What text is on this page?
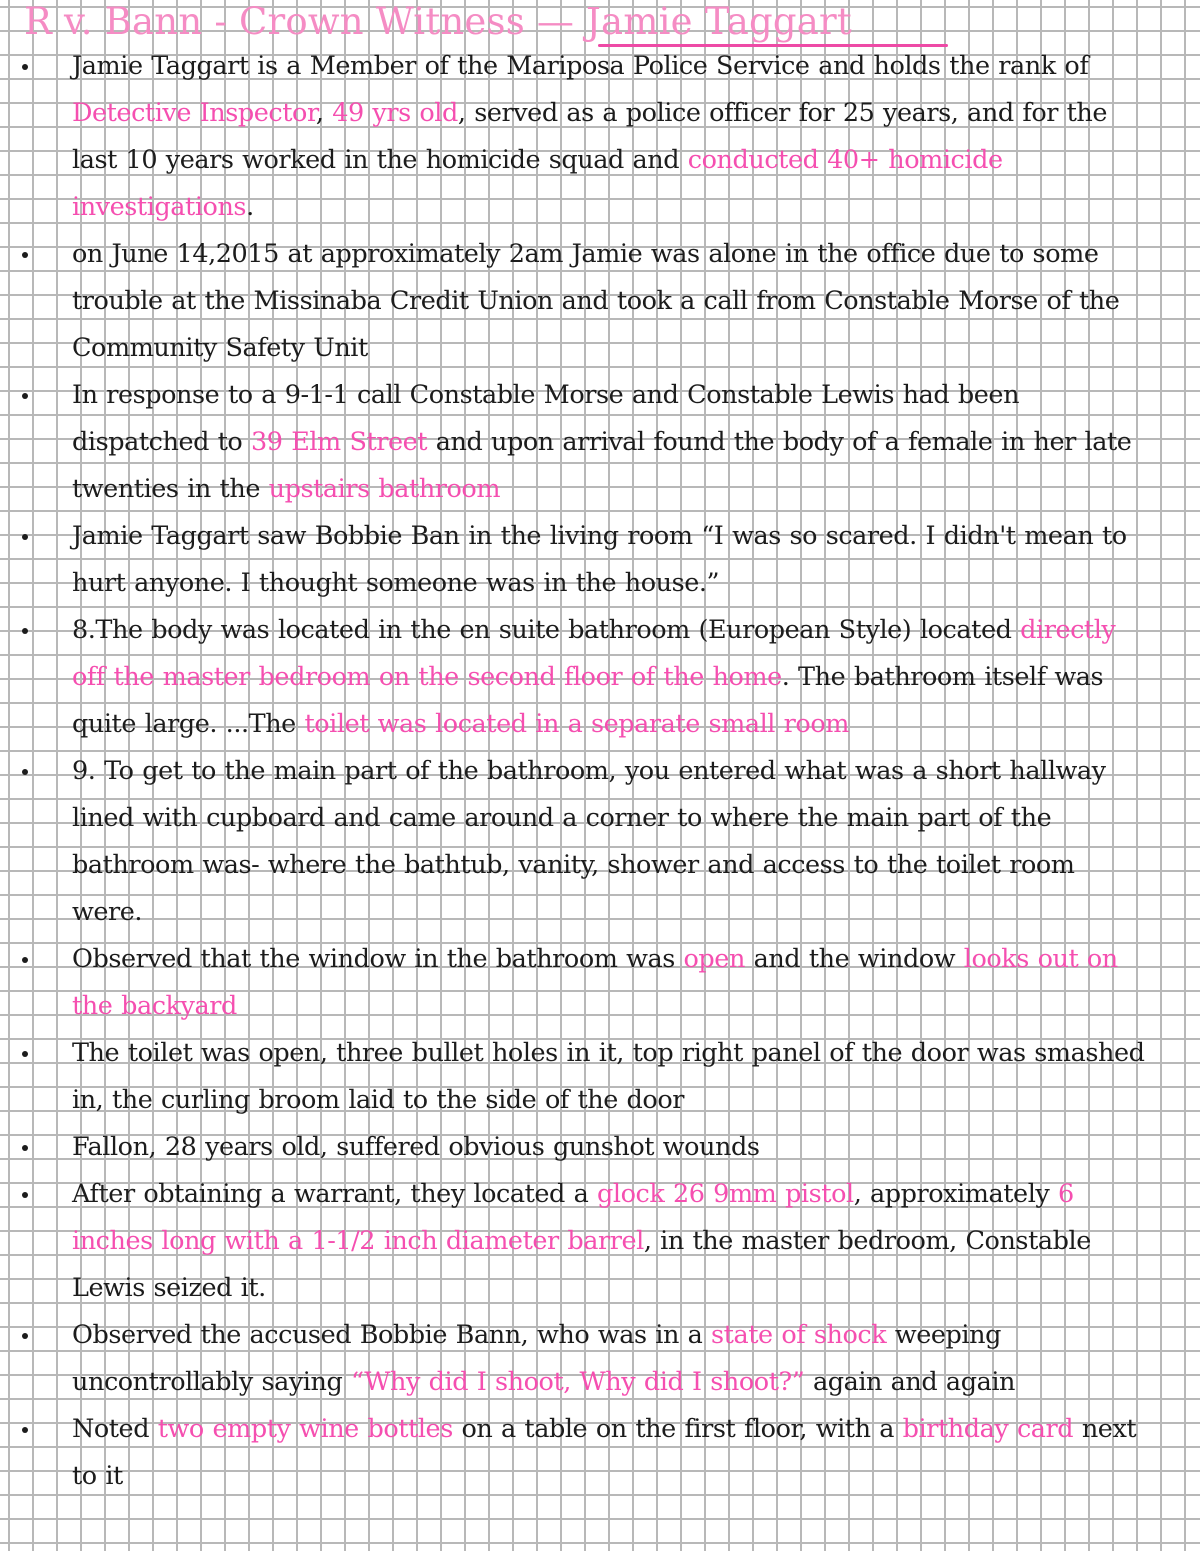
R v. Bann - Crown Witness — Jamie Taggart
Jamie Taggart is a Member of the Mariposa Police Service and holds the rank of Detective Inspector, 49 yrs old, served as a police officer for 25 years, and for the last 10 years worked in the homicide squad and conducted 40+ homicide investigations.
on June 14,2015 at approximately 2am Jamie was alone in the office due to some trouble at the Missinaba Credit Union and took a call from Constable Morse of the Community Safety Unit
In response to a 9-1-1 call Constable Morse and Constable Lewis had been dispatched to 39 Elm Street and upon arrival found the body of a female in her late twenties in the upstairs bathroom
Jamie Taggart saw Bobbie Ban in the living room “I was so scared. I didn't mean to hurt anyone. I thought someone was in the house.”
8.The body was located in the en suite bathroom (European Style) located directly off the master bedroom on the second floor of the home. The bathroom itself was quite large. ...The toilet was located in a separate small room
9. To get to the main part of the bathroom, you entered what was a short hallway lined with cupboard and came around a corner to where the main part of the bathroom was- where the bathtub, vanity, shower and access to the toilet room were.
Observed that the window in the bathroom was open and the window looks out on the backyard
The toilet was open, three bullet holes in it, top right panel of the door was smashed in, the curling broom laid to the side of the door
Fallon, 28 years old, suffered obvious gunshot wounds
After obtaining a warrant, they located a glock 26 9mm pistol, approximately 6 inches long with a 1-1/2 inch diameter barrel, in the master bedroom, Constable Lewis seized it.
Observed the accused Bobbie Bann, who was in a state of shock weeping uncontrollably saying “Why did I shoot, Why did I shoot?” again and again
Noted two empty wine bottles on a table on the first floor, with a birthday card next to it
